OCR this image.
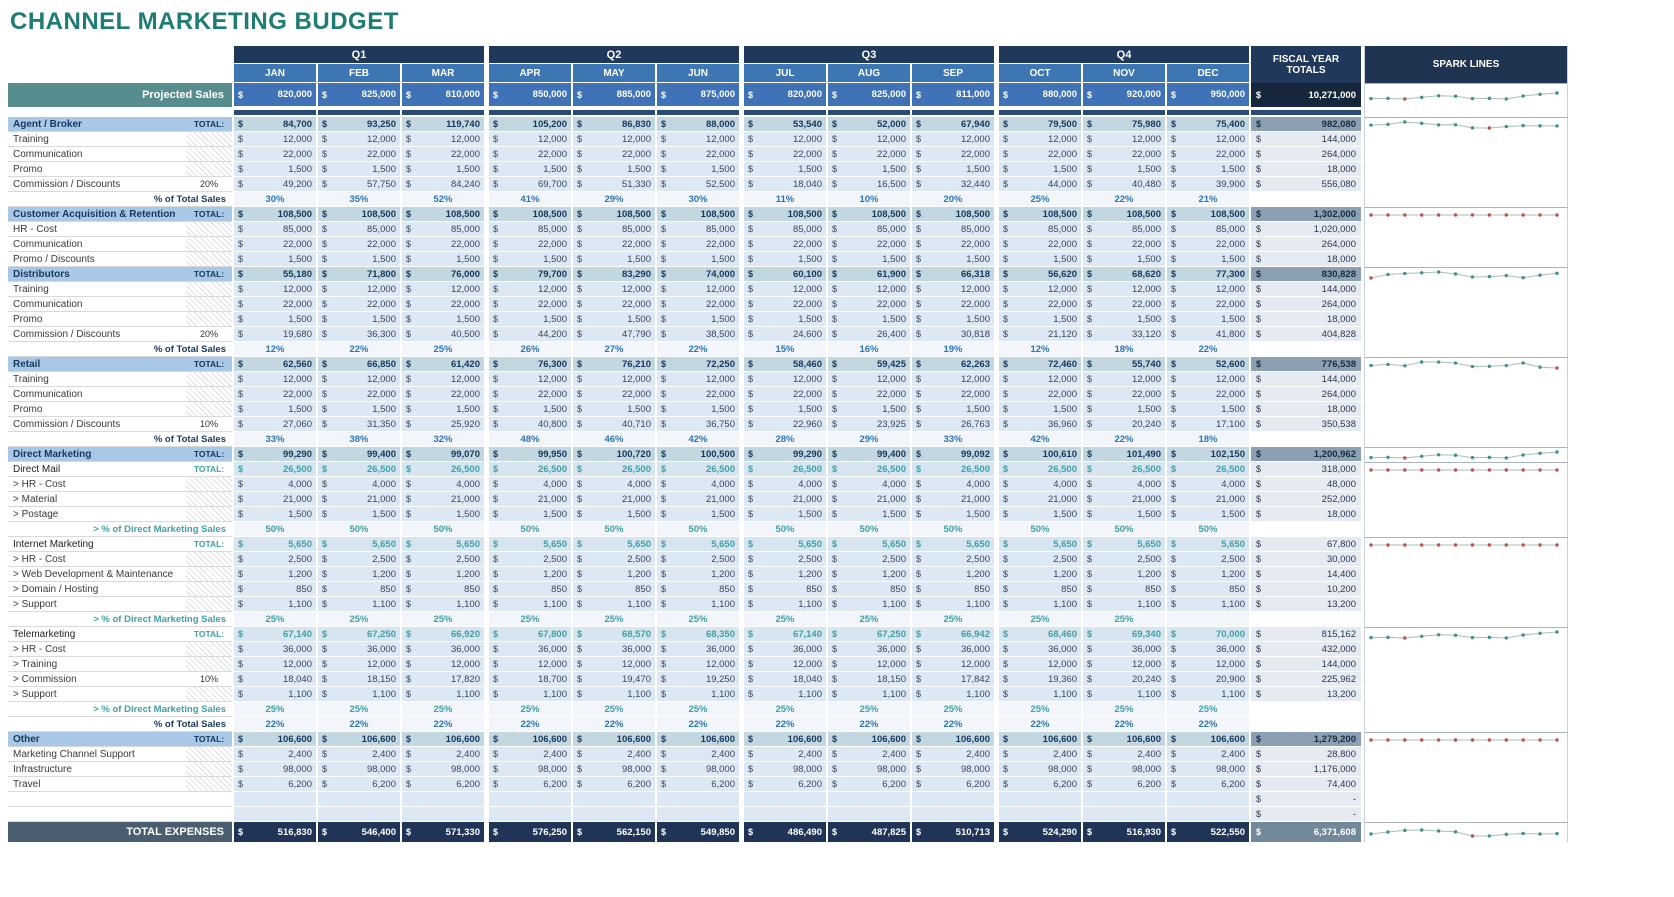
CHANNEL MARKETING BUDGET
Q1	Q2	Q3	Q4
JAN	FEB	MAR	APR	MAY	JUN	JUL	AUG	SEP	OCT	NOV	DEC
FISCAL YEAR TOTALS	SPARK LINES
Projected Sales	$	820,000 $	825,000 $	810,000 $	850,000 $	885,000 $	875,000 $	820,000 $	825,000 $	811,000 $	880,000 $	920,000 $	950,000 $	10,271,000
Agent / Broker	TOTAL:	$	84,700 $	93,250 $	119,740 $	105,200 $	86,830 $	88,000 $	53,540 $	52,000 $	67,940 $	79,500 $	75,980 $	75,400 $	982,080
Training	$	12,000 $	12,000 $	12,000 $	12,000 $	12,000 $	12,000 $	12,000 $	12,000 $	12,000 $	12,000 $	12,000 $	12,000 $	144,000
Communication	$	22,000 $	22,000 $	22,000 $	22,000 $	22,000 $	22,000 $	22,000 $	22,000 $	22,000 $	22,000 $	22,000 $	22,000 $	264,000
Promo	$	1,500 $	1,500 $	1,500 $	1,500 $	1,500 $	1,500 $	1,500 $	1,500 $	1,500 $	1,500 $	1,500 $	1,500 $	18,000
Commission / Discounts	20%	$	49,200 $	57,750 $	84,240 $	69,700 $	51,330 $	52,500 $	18,040 $	16,500 $	32,440 $	44,000 $	40,480 $	39,900 $	556,080
% of Total Sales	30%	35%	52%	41%	29%	30%	11%	10%	20%	25%	22%	21%
Customer Acquisition & Retention	TOTAL:	$	108,500 $	108,500 $	108,500 $	108,500 $	108,500 $	108,500 $	108,500 $	108,500 $	108,500 $	108,500 $	108,500 $	108,500 $	1,302,000
HR - Cost	$	85,000 $	85,000 $	85,000 $	85,000 $	85,000 $	85,000 $	85,000 $	85,000 $	85,000 $	85,000 $	85,000 $	85,000 $	1,020,000
Communication	$	22,000 $	22,000 $	22,000 $	22,000 $	22,000 $	22,000 $	22,000 $	22,000 $	22,000 $	22,000 $	22,000 $	22,000 $	264,000
Promo / Discounts	$	1,500 $	1,500 $	1,500 $	1,500 $	1,500 $	1,500 $	1,500 $	1,500 $	1,500 $	1,500 $	1,500 $	1,500 $	18,000
Distributors	TOTAL:	$	55,180 $	71,800 $	76,000 $	79,700 $	83,290 $	74,000 $	60,100 $	61,900 $	66,318 $	56,620 $	68,620 $	77,300 $	830,828
Training	$	12,000 $	12,000 $	12,000 $	12,000 $	12,000 $	12,000 $	12,000 $	12,000 $	12,000 $	12,000 $	12,000 $	12,000 $	144,000
Communication	$	22,000 $	22,000 $	22,000 $	22,000 $	22,000 $	22,000 $	22,000 $	22,000 $	22,000 $	22,000 $	22,000 $	22,000 $	264,000
Promo	$	1,500 $	1,500 $	1,500 $	1,500 $	1,500 $	1,500 $	1,500 $	1,500 $	1,500 $	1,500 $	1,500 $	1,500 $	18,000
Commission / Discounts	20%	$	19,680 $	36,300 $	40,500 $	44,200 $	47,790 $	38,500 $	24,600 $	26,400 $	30,818 $	21,120 $	33,120 $	41,800 $	404,828
% of Total Sales	12%	22%	25%	26%	27%	22%	15%	16%	19%	12%	18%	22%
Retail	TOTAL:	$	62,560 $	66,850 $	61,420 $	76,300 $	76,210 $	72,250 $	58,460 $	59,425 $	62,263 $	72,460 $	55,740 $	52,600 $	776,538
Training	$	12,000 $	12,000 $	12,000 $	12,000 $	12,000 $	12,000 $	12,000 $	12,000 $	12,000 $	12,000 $	12,000 $	12,000 $	144,000
Communication	$	22,000 $	22,000 $	22,000 $	22,000 $	22,000 $	22,000 $	22,000 $	22,000 $	22,000 $	22,000 $	22,000 $	22,000 $	264,000
Promo	$	1,500 $	1,500 $	1,500 $	1,500 $	1,500 $	1,500 $	1,500 $	1,500 $	1,500 $	1,500 $	1,500 $	1,500 $	18,000
Commission / Discounts	10%	$	27,060 $	31,350 $	25,920 $	40,800 $	40,710 $	36,750 $	22,960 $	23,925 $	26,763 $	36,960 $	20,240 $	17,100 $	350,538
% of Total Sales	33%	38%	32%	48%	46%	42%	28%	29%	33%	42%	22%	18%
Direct Marketing	TOTAL:	$	99,290 $	99,400 $	99,070 $	99,950 $	100,720 $	100,500 $	99,290 $	99,400 $	99,092 $	100,610 $	101,490 $	102,150 $	1,200,962
Direct Mail	TOTAL:	$	26,500 $	26,500 $	26,500 $	26,500 $	26,500 $	26,500 $	26,500 $	26,500 $	26,500 $	26,500 $	26,500 $	26,500 $	318,000
> HR - Cost	$	4,000 $	4,000 $	4,000 $	4,000 $	4,000 $	4,000 $	4,000 $	4,000 $	4,000 $	4,000 $	4,000 $	4,000 $	48,000
> Material	$	21,000 $	21,000 $	21,000 $	21,000 $	21,000 $	21,000 $	21,000 $	21,000 $	21,000 $	21,000 $	21,000 $	21,000 $	252,000
> Postage	$	1,500 $	1,500 $	1,500 $	1,500 $	1,500 $	1,500 $	1,500 $	1,500 $	1,500 $	1,500 $	1,500 $	1,500 $	18,000
> % of Direct Marketing Sales	50%	50%	50%	50%	50%	50%	50%	50%	50%	50%	50%	50%
Internet Marketing	TOTAL:	$	5,650 $	5,650 $	5,650 $	5,650 $	5,650 $	5,650 $	5,650 $	5,650 $	5,650 $	5,650 $	5,650 $	5,650 $	67,800
> HR - Cost	$	2,500 $	2,500 $	2,500 $	2,500 $	2,500 $	2,500 $	2,500 $	2,500 $	2,500 $	2,500 $	2,500 $	2,500 $	30,000
> Web Development & Maintenance	$	1,200 $	1,200 $	1,200 $	1,200 $	1,200 $	1,200 $	1,200 $	1,200 $	1,200 $	1,200 $	1,200 $	1,200 $	14,400
> Domain / Hosting	$	850 $	850 $	850 $	850 $	850 $	850 $	850 $	850 $	850 $	850 $	850 $	850 $	10,200
> Support	$	1,100 $	1,100 $	1,100 $	1,100 $	1,100 $	1,100 $	1,100 $	1,100 $	1,100 $	1,100 $	1,100 $	1,100 $	13,200
> % of Direct Marketing Sales	25%	25%	25%	25%	25%	25%	25%	25%	25%	25%	25%
Telemarketing	TOTAL:	$	67,140 $	67,250 $	66,920 $	67,800 $	68,570 $	68,350 $	67,140 $	67,250 $	66,942 $	68,460 $	69,340 $	70,000 $	815,162
> HR - Cost	$	36,000 $	36,000 $	36,000 $	36,000 $	36,000 $	36,000 $	36,000 $	36,000 $	36,000 $	36,000 $	36,000 $	36,000 $	432,000
> Training	$	12,000 $	12,000 $	12,000 $	12,000 $	12,000 $	12,000 $	12,000 $	12,000 $	12,000 $	12,000 $	12,000 $	12,000 $	144,000
> Commission	10%	$	18,040 $	18,150 $	17,820 $	18,700 $	19,470 $	19,250 $	18,040 $	18,150 $	17,842 $	19,360 $	20,240 $	20,900 $	225,962
> Support	$	1,100 $	1,100 $	1,100 $	1,100 $	1,100 $	1,100 $	1,100 $	1,100 $	1,100 $	1,100 $	1,100 $	1,100 $	13,200
> % of Direct Marketing Sales	25%	25%	25%	25%	25%	25%	25%	25%	25%	25%	25%	25%
% of Total Sales	22%	22%	22%	22%	22%	22%	22%	22%	22%	22%	22%	22%
Other	TOTAL:	$	106,600 $	106,600 $	106,600 $	106,600 $	106,600 $	106,600 $	106,600 $	106,600 $	106,600 $	106,600 $	106,600 $	106,600 $	1,279,200
Marketing Channel Support	$	2,400 $	2,400 $	2,400 $	2,400 $	2,400 $	2,400 $	2,400 $	2,400 $	2,400 $	2,400 $	2,400 $	2,400 $	28,800
Infrastructure	$	98,000 $	98,000 $	98,000 $	98,000 $	98,000 $	98,000 $	98,000 $	98,000 $	98,000 $	98,000 $	98,000 $	98,000 $	1,176,000
Travel	$	6,200 $	6,200 $	6,200 $	6,200 $	6,200 $	6,200 $	6,200 $	6,200 $	6,200 $	6,200 $	6,200 $	6,200 $	74,400
$	-
$	-
TOTAL EXPENSES	$	516,830 $	546,400 $	571,330 $	576,250 $	562,150 $	549,850 $	486,490 $	487,825 $	510,713 $	524,290 $	516,930 $	522,550 $	6,371,608
